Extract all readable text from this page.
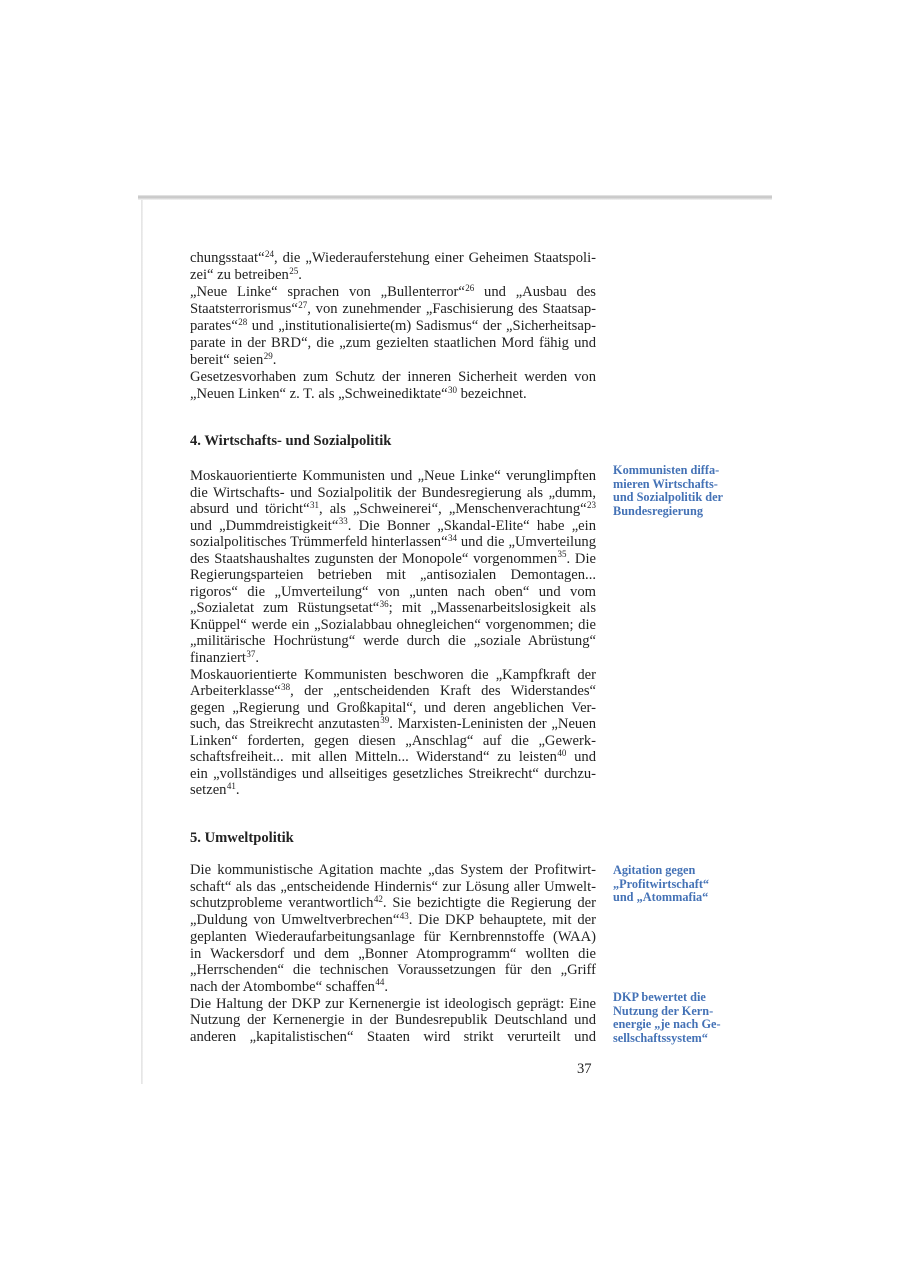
chungsstaat“$^{24}$, die „Wiederauferstehung einer Geheimen Staatspoli-
zei“ zu betreiben$^{25}$.
„Neue Linke“ sprachen von „Bullenterror“$^{26}$ und „Ausbau des
Staatsterrorismus“$^{27}$, von zunehmender „Faschisierung des Staatsap-
parates“$^{28}$ und „institutionalisierte(m) Sadismus“ der „Sicherheitsap-
parate in der BRD“, die „zum gezielten staatlichen Mord fähig und
bereit“ seien$^{29}$.
Gesetzesvorhaben zum Schutz der inneren Sicherheit werden von
„Neuen Linken“ z. T. als „Schweinediktate“$^{30}$ bezeichnet.
4. Wirtschafts- und Sozialpolitik
Moskauorientierte Kommunisten und „Neue Linke“ verunglimpften
die Wirtschafts- und Sozialpolitik der Bundesregierung als „dumm,
absurd und töricht“$^{31}$, als „Schweinerei“, „Menschenverachtung“$^{23}$
und „Dummdreistigkeit“$^{33}$. Die Bonner „Skandal-Elite“ habe „ein
sozialpolitisches Trümmerfeld hinterlassen“$^{34}$ und die „Umverteilung
des Staatshaushaltes zugunsten der Monopole“ vorgenommen$^{35}$. Die
Regierungsparteien betrieben mit „antisozialen Demontagen...
rigoros“ die „Umverteilung“ von „unten nach oben“ und vom
„Sozialetat zum Rüstungsetat“$^{36}$; mit „Massenarbeitslosigkeit als
Knüppel“ werde ein „Sozialabbau ohnegleichen“ vorgenommen; die
„militärische Hochrüstung“ werde durch die „soziale Abrüstung“
finanziert$^{37}$.
Moskauorientierte Kommunisten beschworen die „Kampfkraft der
Arbeiterklasse“$^{38}$, der „entscheidenden Kraft des Widerstandes“
gegen „Regierung und Großkapital“, und deren angeblichen Ver-
such, das Streikrecht anzutasten$^{39}$. Marxisten-Leninisten der „Neuen
Linken“ forderten, gegen diesen „Anschlag“ auf die „Gewerk-
schaftsfreiheit... mit allen Mitteln... Widerstand“ zu leisten$^{40}$ und
ein „vollständiges und allseitiges gesetzliches Streikrecht“ durchzu-
setzen$^{41}$.
Kommunisten diffa-
mieren Wirtschafts-
und Sozialpolitik der
Bundesregierung
5. Umweltpolitik
Die kommunistische Agitation machte „das System der Profitwirt-
schaft“ als das „entscheidende Hindernis“ zur Lösung aller Umwelt-
schutzprobleme verantwortlich$^{42}$. Sie bezichtigte die Regierung der
„Duldung von Umweltverbrechen“$^{43}$. Die DKP behauptete, mit der
geplanten Wiederaufarbeitungsanlage für Kernbrennstoffe (WAA)
in Wackersdorf und dem „Bonner Atomprogramm“ wollten die
„Herrschenden“ die technischen Voraussetzungen für den „Griff
nach der Atombombe“ schaffen$^{44}$.
Die Haltung der DKP zur Kernenergie ist ideologisch geprägt: Eine
Nutzung der Kernenergie in der Bundesrepublik Deutschland und
anderen „kapitalistischen“ Staaten wird strikt verurteilt und
Agitation gegen
„Profitwirtschaft“
und „Atommafia“
DKP bewertet die
Nutzung der Kern-
energie „je nach Ge-
sellschaftssystem“
37
